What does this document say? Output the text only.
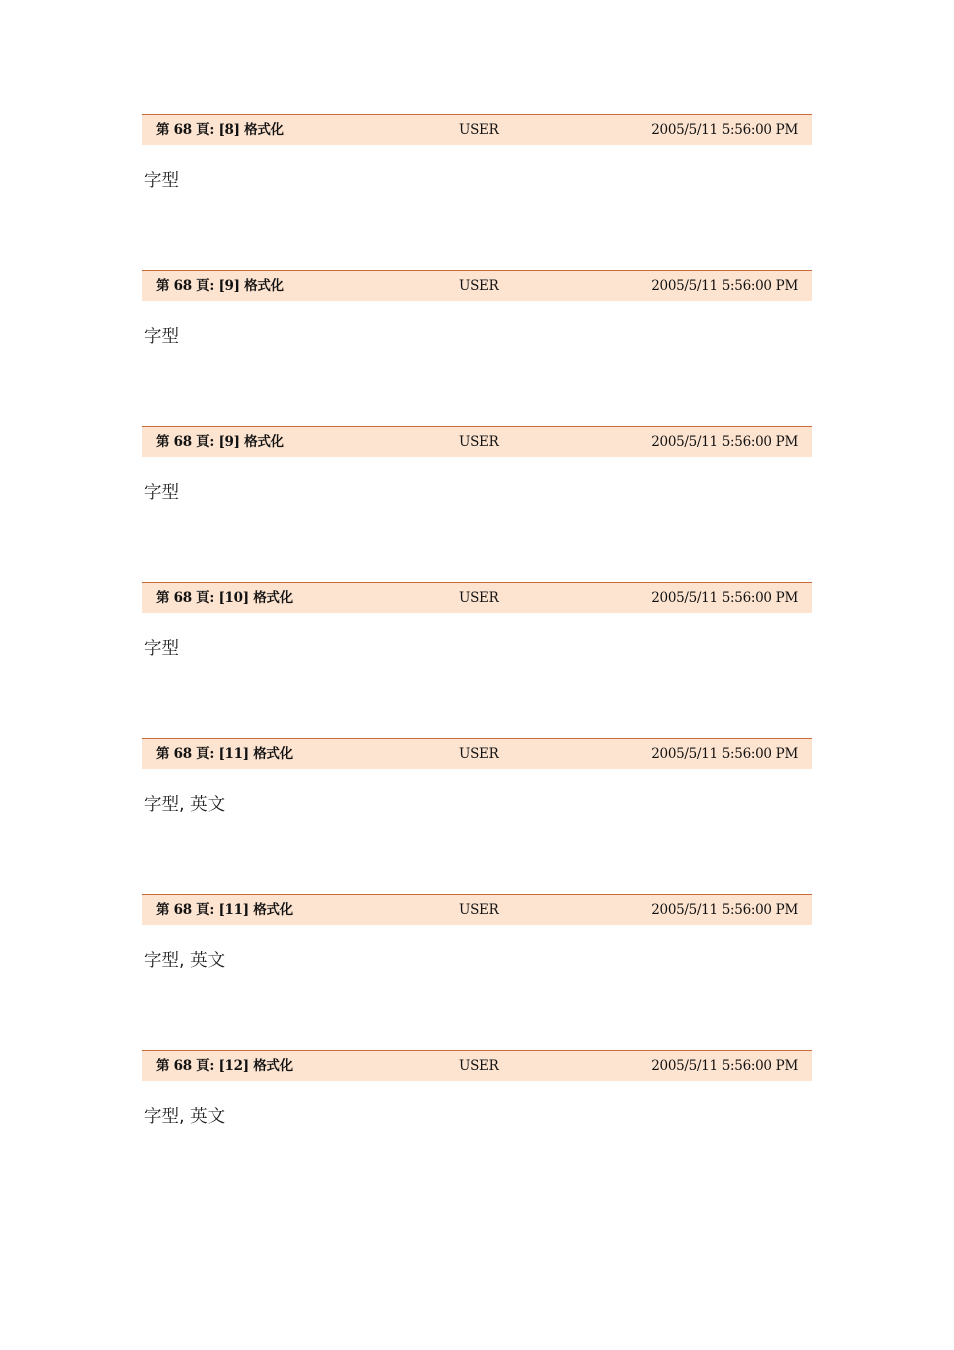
第 68 頁: [8] 格式化	USER	2005/5/11 5:56:00 PM
字型
第 68 頁: [9] 格式化	USER	2005/5/11 5:56:00 PM
字型
第 68 頁: [9] 格式化	USER	2005/5/11 5:56:00 PM
字型
第 68 頁: [10] 格式化	USER	2005/5/11 5:56:00 PM
字型
第 68 頁: [11] 格式化	USER	2005/5/11 5:56:00 PM
字型, 英文
第 68 頁: [11] 格式化	USER	2005/5/11 5:56:00 PM
字型, 英文
第 68 頁: [12] 格式化	USER	2005/5/11 5:56:00 PM
字型, 英文
